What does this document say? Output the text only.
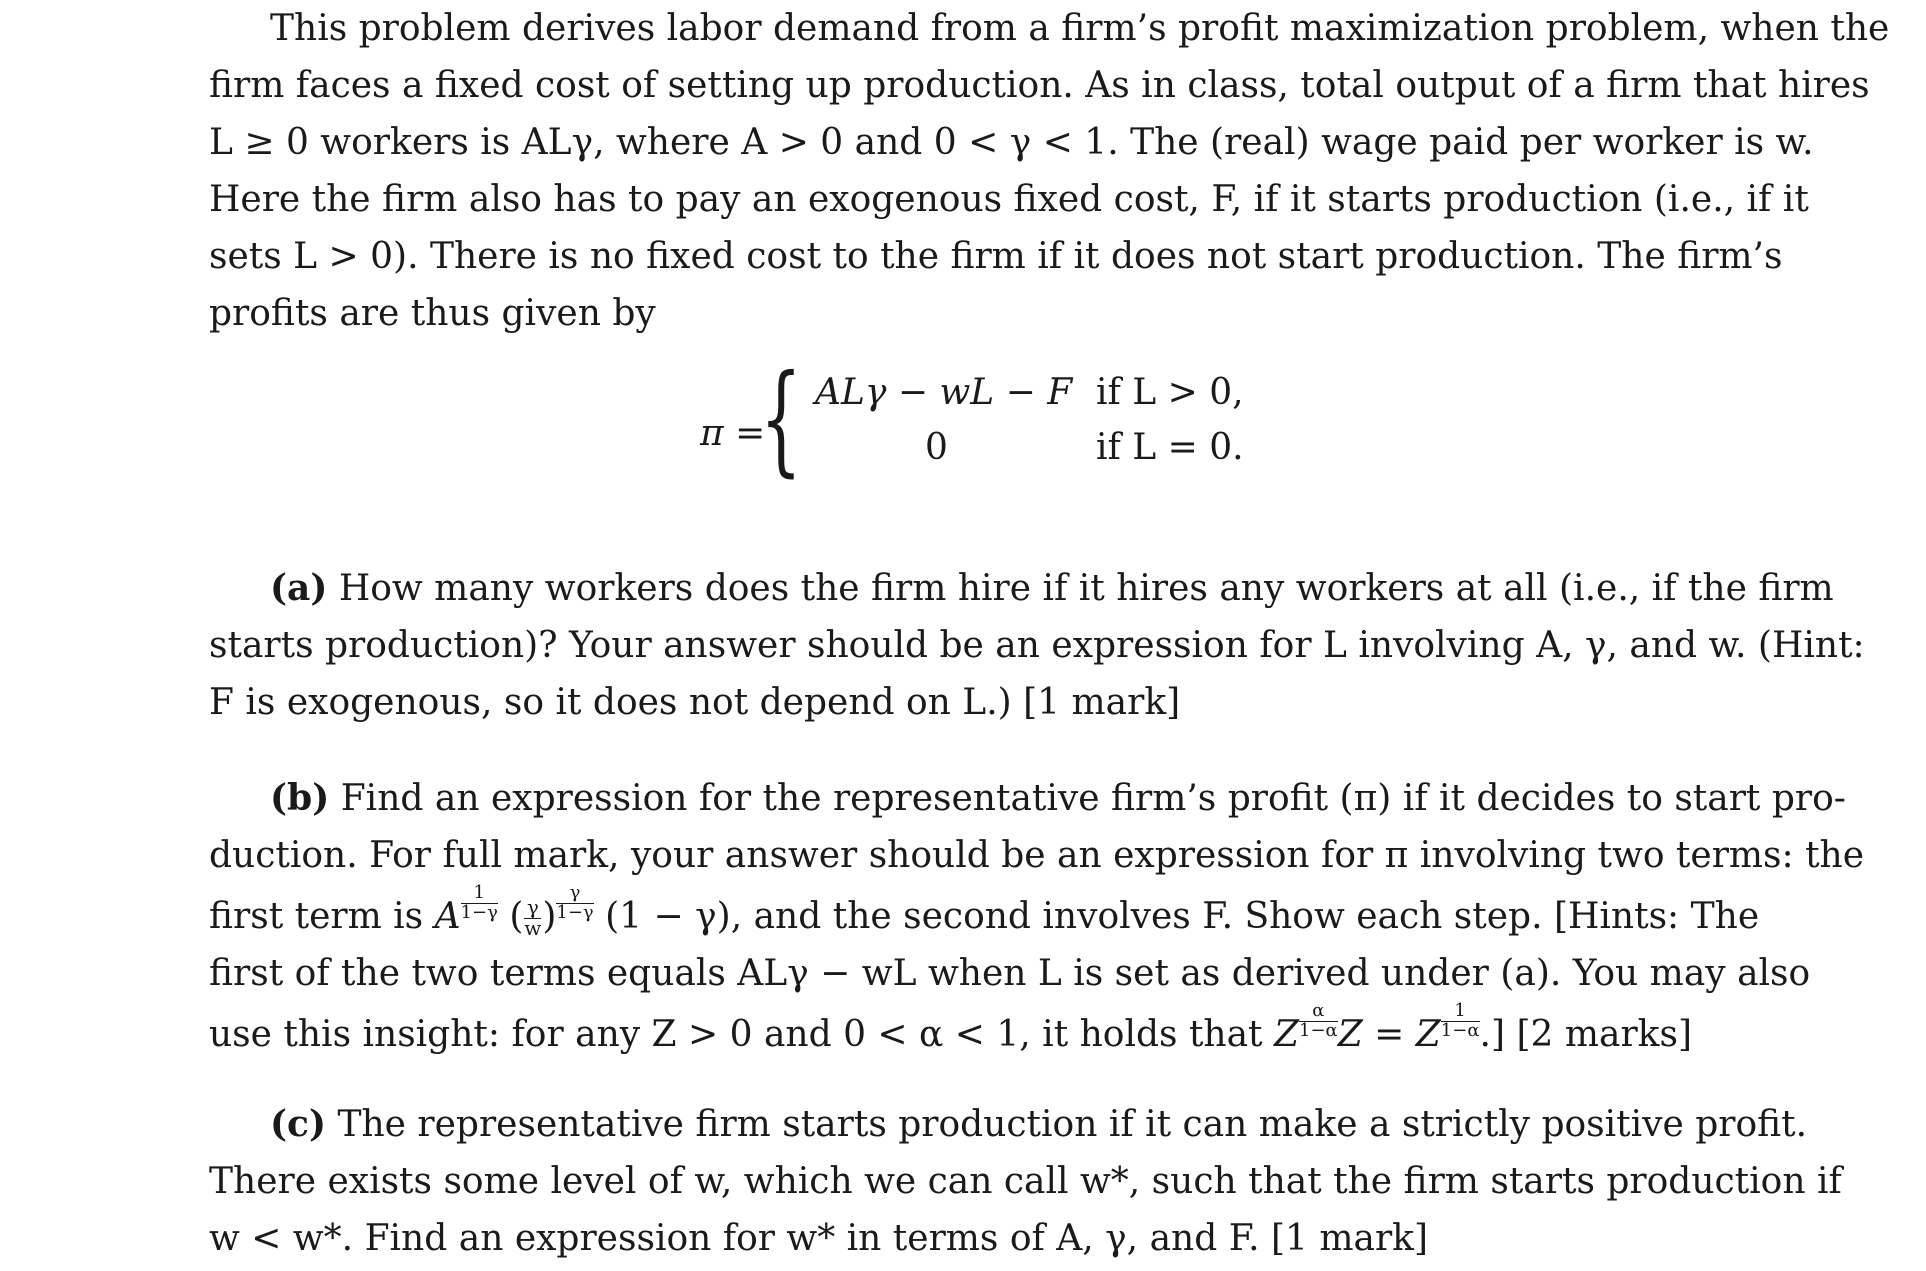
This problem derives labor demand from a firm’s profit maximization problem, when the
firm faces a fixed cost of setting up production. As in class, total output of a firm that hires
L ≥ 0 workers is ALγ, where A > 0 and 0 < γ < 1. The (real) wage paid per worker is w.
Here the firm also has to pay an exogenous fixed cost, F, if it starts production (i.e., if it
sets L > 0). There is no fixed cost to the firm if it does not start production. The firm’s
profits are thus given by
π =
{ ALγ − wL − F if L > 0,
0	if L = 0.
(a) How many workers does the firm hire if it hires any workers at all (i.e., if the firm
starts production)? Your answer should be an expression for L involving A, γ, and w. (Hint:
F is exogenous, so it does not depend on L.) [1 mark]
(b) Find an expression for the representative firm’s profit (π) if it decides to start pro-
duction. For full mark, your answer should be an expression for π involving two terms: the
first term is A $\frac{1}{1-\gamma}$ ( $\frac{\gamma}{w}$ ) $\frac{\gamma}{1-\gamma} (1 - \gamma)$, and the second involves F. Show each step. [Hints: The
first of the two terms equals ALγ − wL when L is set as derived under (a). You may also
use this insight: for any Z > 0 and 0 < α < 1, it holds that Z $\frac{\alpha}{1-\alpha}$ Z = Z $\frac{1}{1-\alpha}$ .] [2 marks]
(c) The representative firm starts production if it can make a strictly positive profit.
There exists some level of w, which we can call w*, such that the firm starts production if
w < w*. Find an expression for w* in terms of A, γ, and F. [1 mark]
